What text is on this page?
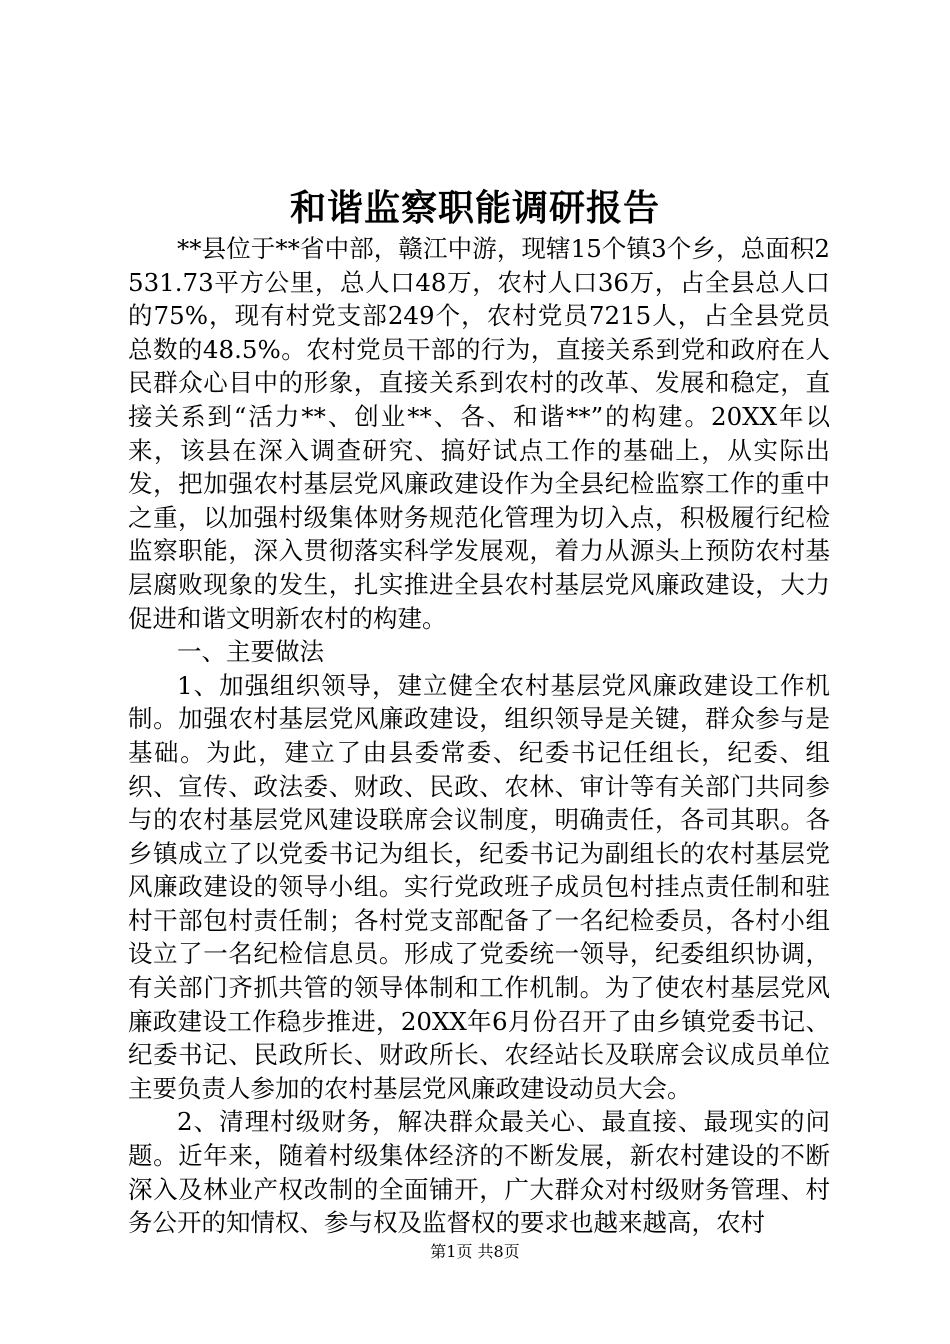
和谐监察职能调研报告

**县位于**省中部，赣江中游，现辖15个镇3个乡，总面积2531.73平方公里，总人口48万，农村人口36万，占全县总人口的75%，现有村党支部249个，农村党员7215人，占全县党员总数的48.5%。农村党员干部的行为，直接关系到党和政府在人民群众心目中的形象，直接关系到农村的改革、发展和稳定，直接关系到“活力**、创业**、各、和谐**”的构建。20XX年以来，该县在深入调查研究、搞好试点工作的基础上，从实际出发，把加强农村基层党风廉政建设作为全县纪检监察工作的重中之重，以加强村级集体财务规范化管理为切入点，积极履行纪检监察职能，深入贯彻落实科学发展观，着力从源头上预防农村基层腐败现象的发生，扎实推进全县农村基层党风廉政建设，大力促进和谐文明新农村的构建。

一、主要做法

1、加强组织领导，建立健全农村基层党风廉政建设工作机制。加强农村基层党风廉政建设，组织领导是关键，群众参与是基础。为此，建立了由县委常委、纪委书记任组长，纪委、组织、宣传、政法委、财政、民政、农林、审计等有关部门共同参与的农村基层党风建设联席会议制度，明确责任，各司其职。各乡镇成立了以党委书记为组长，纪委书记为副组长的农村基层党风廉政建设的领导小组。实行党政班子成员包村挂点责任制和驻村干部包村责任制；各村党支部配备了一名纪检委员，各村小组设立了一名纪检信息员。形成了党委统一领导，纪委组织协调，有关部门齐抓共管的领导体制和工作机制。为了使农村基层党风廉政建设工作稳步推进，20XX年6月份召开了由乡镇党委书记、纪委书记、民政所长、财政所长、农经站长及联席会议成员单位主要负责人参加的农村基层党风廉政建设动员大会。

2、清理村级财务，解决群众最关心、最直接、最现实的问题。近年来，随着村级集体经济的不断发展，新农村建设的不断深入及林业产权改制的全面铺开，广大群众对村级财务管理、村务公开的知情权、参与权及监督权的要求也越来越高，农村

第1页 共8页
